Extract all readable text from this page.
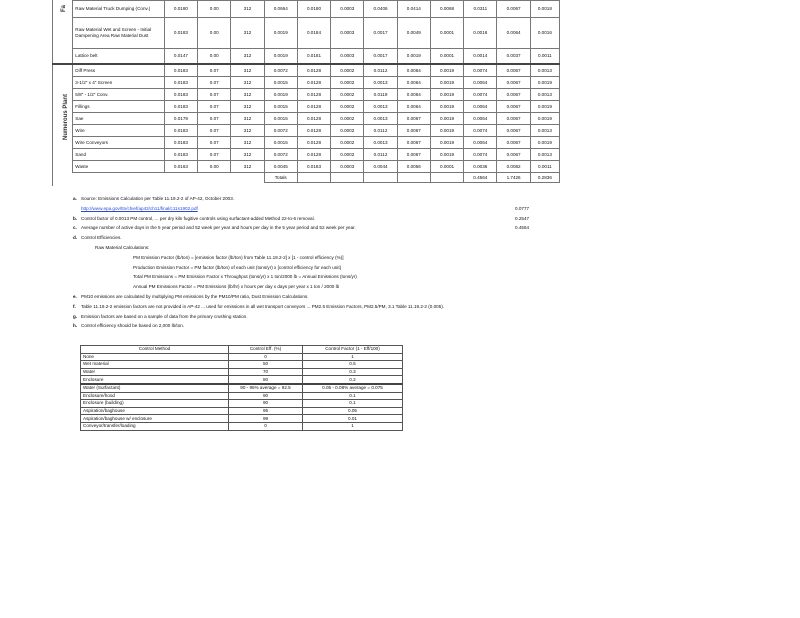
Fa
Numerous Plant
	Raw Material Truck Dumping (Conv.)	0.0180	0.00	312	0.0664	0.0180	0.0003	0.0406	0.0414	0.0068	0.0311	0.0067	0.0018
	Raw Material Wet and Screen - Initial Dampening Area Raw Material Dust	0.0183	0.00	312	0.0019	0.0184	0.0003	0.0017	0.0049	0.0001	0.0016	0.0064	0.0016
	Lattice belt	0.0147	0.00	312	0.0019	0.0181	0.0003	0.0017	0.0019	0.0001	0.0014	0.0037	0.0011
	Diff Press	0.0183	0.07	312	0.0072	0.0128	0.0002	0.0112	0.0064	0.0019	0.0074	0.0067	0.0013
	3-1/2" x 4" Screen	0.0183	0.07	312	0.0015	0.0128	0.0002	0.0013	0.0064	0.0019	0.0064	0.0067	0.0019
	5/8" - 1/2" Conv.	0.0183	0.07	312	0.0019	0.0128	0.0002	0.0119	0.0064	0.0019	0.0074	0.0067	0.0013
	Fillings	0.0183	0.07	312	0.0015	0.0128	0.0002	0.0013	0.0064	0.0019	0.0064	0.0067	0.0019
	Sae	0.0179	0.07	312	0.0015	0.0128	0.0002	0.0013	0.0067	0.0019	0.0064	0.0067	0.0019
	Wire	0.0183	0.07	312	0.0072	0.0128	0.0002	0.0112	0.0067	0.0019	0.0074	0.0067	0.0013
	Wire Conveyors	0.0183	0.07	312	0.0015	0.0128	0.0002	0.0013	0.0067	0.0019	0.0064	0.0067	0.0019
	Sand	0.0183	0.07	312	0.0072	0.0128	0.0002	0.0112	0.0067	0.0019	0.0074	0.0067	0.0013
	Waste	0.0163	0.00	312	0.0045	0.0183	0.0003	0.0044	0.0056	0.0001	0.0036	0.0082	0.0011
					Totals						0.4564	1.7426	0.2836
a. Source: Emissions Calculation per Table 11.19.2-2 of AP-42, October 2003.
http://www.epa.gov/ttn/chief/ap42/ch11/final/c11s1902.pdf	0.0777
b. Control factor of 0.0013 PM control, ... per dry kiln fugitive controls using surfactant-added Method 22-to-6 removal.	0.2547
c. Average number of active days in the 5 year period and 52 week per year and hours per day in the 5 year period and 52 week per year.	0.4564
d. Control Efficiencies.
Raw Material Calculations:
PM Emission Factor (lb/ton) = [emission factor (lb/ton) from Table 11.19.2-2] x [1 - control efficiency (%)]
Production Emission Factor = PM factor (lb/ton) of each unit (tons/yr) x [control efficiency for each unit]
Total PM Emissions = PM Emission Factor x Throughput (tons/yr) x 1 ton/2000 lb = Annual Emissions (tons/yr)
Annual PM Emissions Factor = PM Emissions (lb/hr) x hours per day x days per year x 1 ton / 2000 lb
e. PM10 emissions are calculated by multiplying PM emissions by the PM10/PM ratio, Dust Emission Calculations.
f. Table 11.19.2-2 emission factors are not provided in AP-42 ... used for emissions in all wet transport conveyors ... PM2.5 Emission Factors, PM2.5/PM, 3.1 Table 11.19.2-2 (0.005).
g. Emission factors are based on a sample of data from the primary crushing station.
h. Control efficiency should be based on 2,000 lb/ton.
Control Method	Control Eff. (%)	Control Factor (1 - Eff/100)
None	0	1
Wet material	50	0.5
Water	70	0.3
Enclosure	80	0.2
Water (Surfactant)	90 - 95% average = 92.5	0.05 - 0.08% average = 0.075
Enclosure/hood	90	0.1
Enclosure (building)	90	0.1
Aspiration/baghouse	95	0.05
Aspiration/baghouse w/ enclosure	99	0.01
Conveyor/transfer/loading	0	1
